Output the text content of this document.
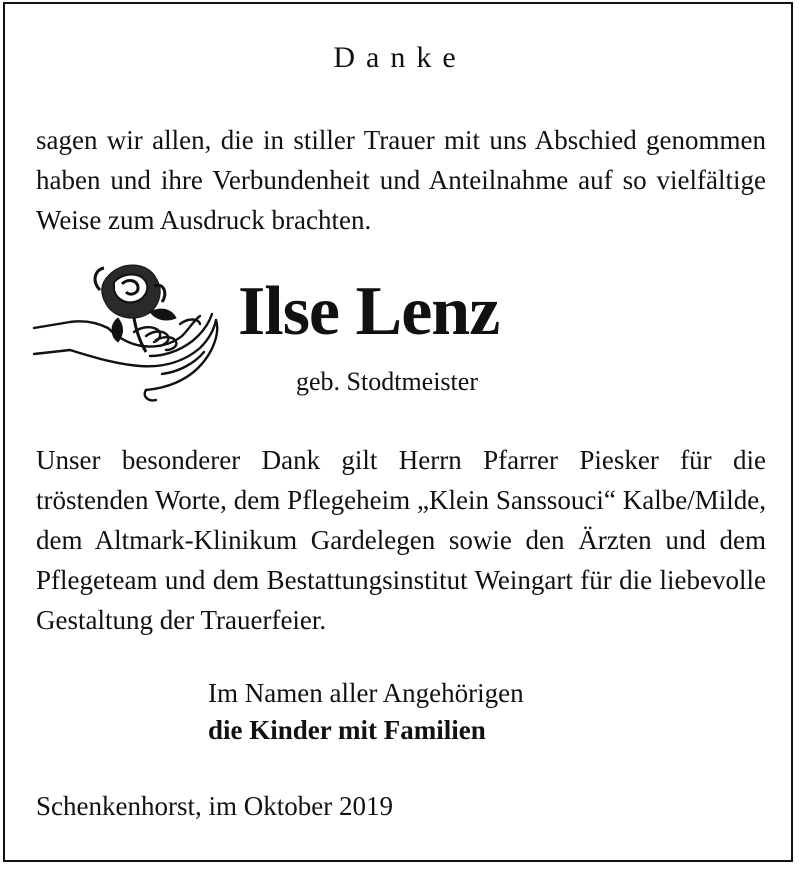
Danke
sagen wir allen, die in stiller Trauer mit uns Abschied genommen haben und ihre Verbundenheit und Anteilnahme auf so vielfältige Weise zum Ausdruck brachten.
Ilse Lenz
geb. Stodtmeister
Unser besonderer Dank gilt Herrn Pfarrer Piesker für die tröstenden Worte, dem Pflegeheim „Klein Sanssouci“ Kalbe/Milde, dem Altmark-Klinikum Gardelegen sowie den Ärzten und dem Pflegeteam und dem Bestattungsinstitut Weingart für die liebevolle Gestaltung der Trauerfeier.
Im Namen aller Angehörigen
die Kinder mit Familien
Schenkenhorst, im Oktober 2019
